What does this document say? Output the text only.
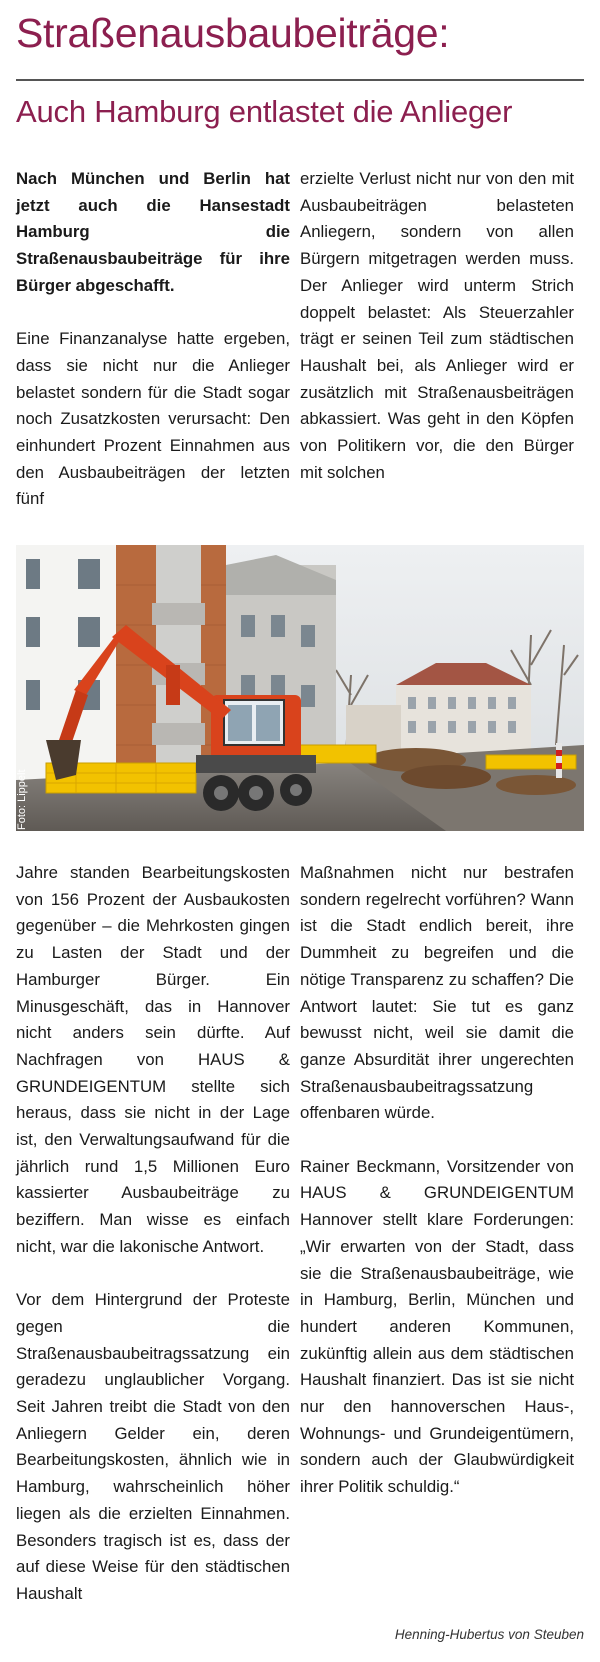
Straßenausbaubeiträge:
Auch Hamburg entlastet die Anlieger

Nach München und Berlin hat jetzt auch die Hansestadt Hamburg die Straßenausbaubeiträge für ihre Bürger abgeschafft.

Eine Finanzanalyse hatte ergeben, dass sie nicht nur die Anlieger belastet sondern für die Stadt sogar noch Zusatzkosten verursacht: Den einhundert Prozent Einnahmen aus den Ausbaubeiträgen der letzten fünf

erzielte Verlust nicht nur von den mit Ausbaubeiträgen belasteten Anliegern, sondern von allen Bürgern mitgetragen werden muss. Der Anlieger wird unterm Strich doppelt belastet: Als Steuerzahler trägt er seinen Teil zum städtischen Haushalt bei, als Anlieger wird er zusätzlich mit Straßenausbeiträgen abkassiert. Was geht in den Köpfen von Politikern vor, die den Bürger mit solchen

Foto: Lippelt

Jahre standen Bearbeitungskosten von 156 Prozent der Ausbaukosten gegenüber – die Mehrkosten gingen zu Lasten der Stadt und der Hamburger Bürger. Ein Minusgeschäft, das in Hannover nicht anders sein dürfte. Auf Nachfragen von HAUS & GRUNDEIGENTUM stellte sich heraus, dass sie nicht in der Lage ist, den Verwaltungsaufwand für die jährlich rund 1,5 Millionen Euro kassierter Ausbaubeiträge zu beziffern. Man wisse es einfach nicht, war die lakonische Antwort.

Vor dem Hintergrund der Proteste gegen die Straßenausbaubeitragssatzung ein geradezu unglaublicher Vorgang. Seit Jahren treibt die Stadt von den Anliegern Gelder ein, deren Bearbeitungskosten, ähnlich wie in Hamburg, wahrscheinlich höher liegen als die erzielten Einnahmen. Besonders tragisch ist es, dass der auf diese Weise für den städtischen Haushalt

Maßnahmen nicht nur bestrafen sondern regelrecht vorführen? Wann ist die Stadt endlich bereit, ihre Dummheit zu begreifen und die nötige Transparenz zu schaffen? Die Antwort lautet: Sie tut es ganz bewusst nicht, weil sie damit die ganze Absurdität ihrer ungerechten Straßenausbaubeitragssatzung offenbaren würde.

Rainer Beckmann, Vorsitzender von HAUS & GRUNDEIGENTUM Hannover stellt klare Forderungen: „Wir erwarten von der Stadt, dass sie die Straßenausbaubeiträge, wie in Hamburg, Berlin, München und hundert anderen Kommunen, zukünftig allein aus dem städtischen Haushalt finanziert. Das ist sie nicht nur den hannoverschen Haus-, Wohnungs- und Grundeigentümern, sondern auch der Glaubwürdigkeit ihrer Politik schuldig.“

Henning-Hubertus von Steuben
